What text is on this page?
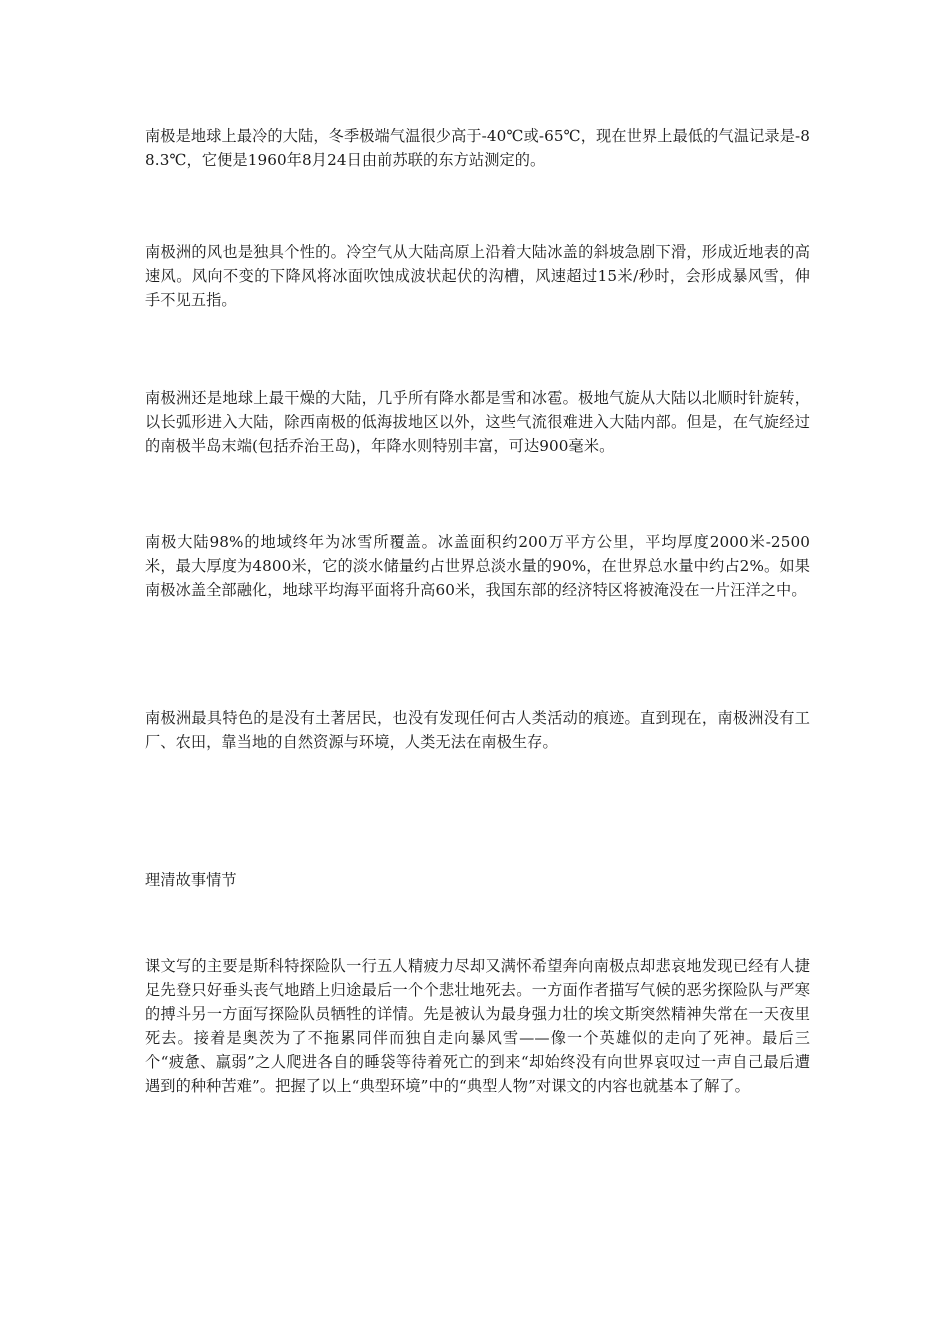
南极是地球上最冷的大陆，冬季极端气温很少高于-40℃或-65℃，现在世界上最低的气温记录是-88.3℃，它便是1960年8月24日由前苏联的东方站测定的。

南极洲的风也是独具个性的。冷空气从大陆高原上沿着大陆冰盖的斜坡急剧下滑，形成近地表的高速风。风向不变的下降风将冰面吹蚀成波状起伏的沟槽，风速超过15米/秒时，会形成暴风雪，伸手不见五指。

南极洲还是地球上最干燥的大陆，几乎所有降水都是雪和冰雹。极地气旋从大陆以北顺时针旋转，以长弧形进入大陆，除西南极的低海拔地区以外，这些气流很难进入大陆内部。但是，在气旋经过的南极半岛末端(包括乔治王岛)，年降水则特别丰富，可达900毫米。

南极大陆98%的地域终年为冰雪所覆盖。冰盖面积约200万平方公里，平均厚度2000米-2500米，最大厚度为4800米，它的淡水储量约占世界总淡水量的90%，在世界总水量中约占2%。如果南极冰盖全部融化，地球平均海平面将升高60米，我国东部的经济特区将被淹没在一片汪洋之中。

南极洲最具特色的是没有土著居民，也没有发现任何古人类活动的痕迹。直到现在，南极洲没有工厂、农田，靠当地的自然资源与环境，人类无法在南极生存。

理清故事情节

课文写的主要是斯科特探险队一行五人精疲力尽却又满怀希望奔向南极点却悲哀地发现已经有人捷足先登只好垂头丧气地踏上归途最后一个个悲壮地死去。一方面作者描写气候的恶劣探险队与严寒的搏斗另一方面写探险队员牺牲的详情。先是被认为最身强力壮的埃文斯突然精神失常在一天夜里死去。接着是奥茨为了不拖累同伴而独自走向暴风雪——像一个英雄似的走向了死神。最后三个“疲惫、羸弱”之人爬进各自的睡袋等待着死亡的到来“却始终没有向世界哀叹过一声自己最后遭遇到的种种苦难”。把握了以上“典型环境”中的“典型人物”对课文的内容也就基本了解了。
